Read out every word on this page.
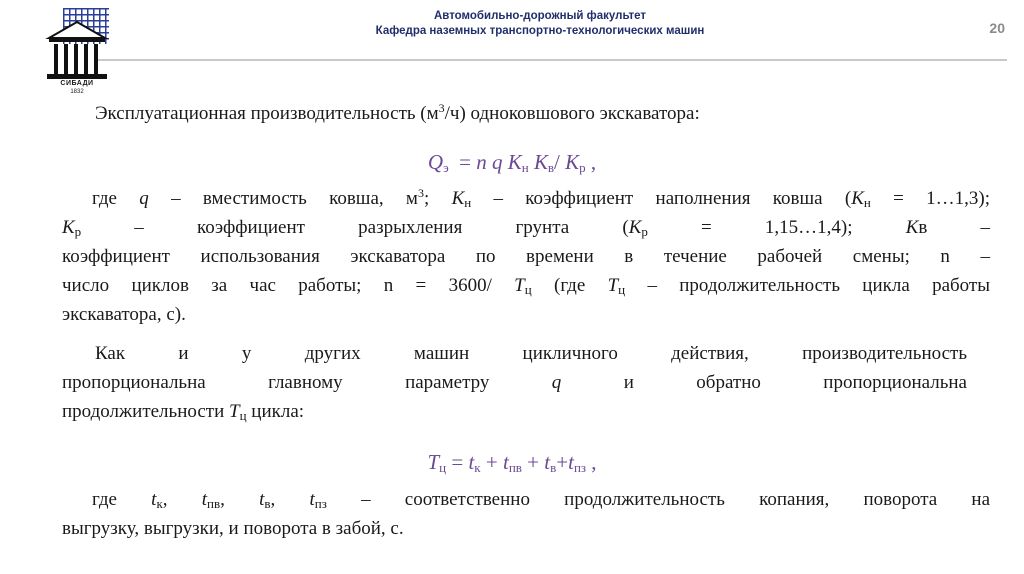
Автомобильно-дорожный факультет
Кафедра наземных транспортно-технологических машин	20
СИБАДИ
1832
Эксплуатационная производительность $(м^3/ч)$ одноковшового экскаватора:
$Q_э = n$ q $К_н$ $К_в/$ $К_р$ ,
где q – вместимость ковша, $м^3$; $К_н$ – коэффициент наполнения ковша ($К_н$ = 1…1,3);
$К_р$ – коэффициент разрыхления грунта ($К_р$ = 1,15…1,4); Кв –
коэффициент использования экскаватора по времени в течение рабочей смены; n –
число циклов за час работы; n = 3600/ $Т_ц$ (где $Т_ц$ – продолжительность цикла работы
экскаватора, с).
Как и у других машин цикличного действия, производительность
пропорциональна главному параметру q и обратно пропорциональна
продолжительности $Т_ц$ цикла:
$Т_ц = t_к + t_{пв} + t_в+t_{пз}$ ,
где $t_к$, $t_{пв}$, $t_в$, $t_{пз}$ – соответственно продолжительность копания, поворота на
выгрузку, выгрузки, и поворота в забой, с.
